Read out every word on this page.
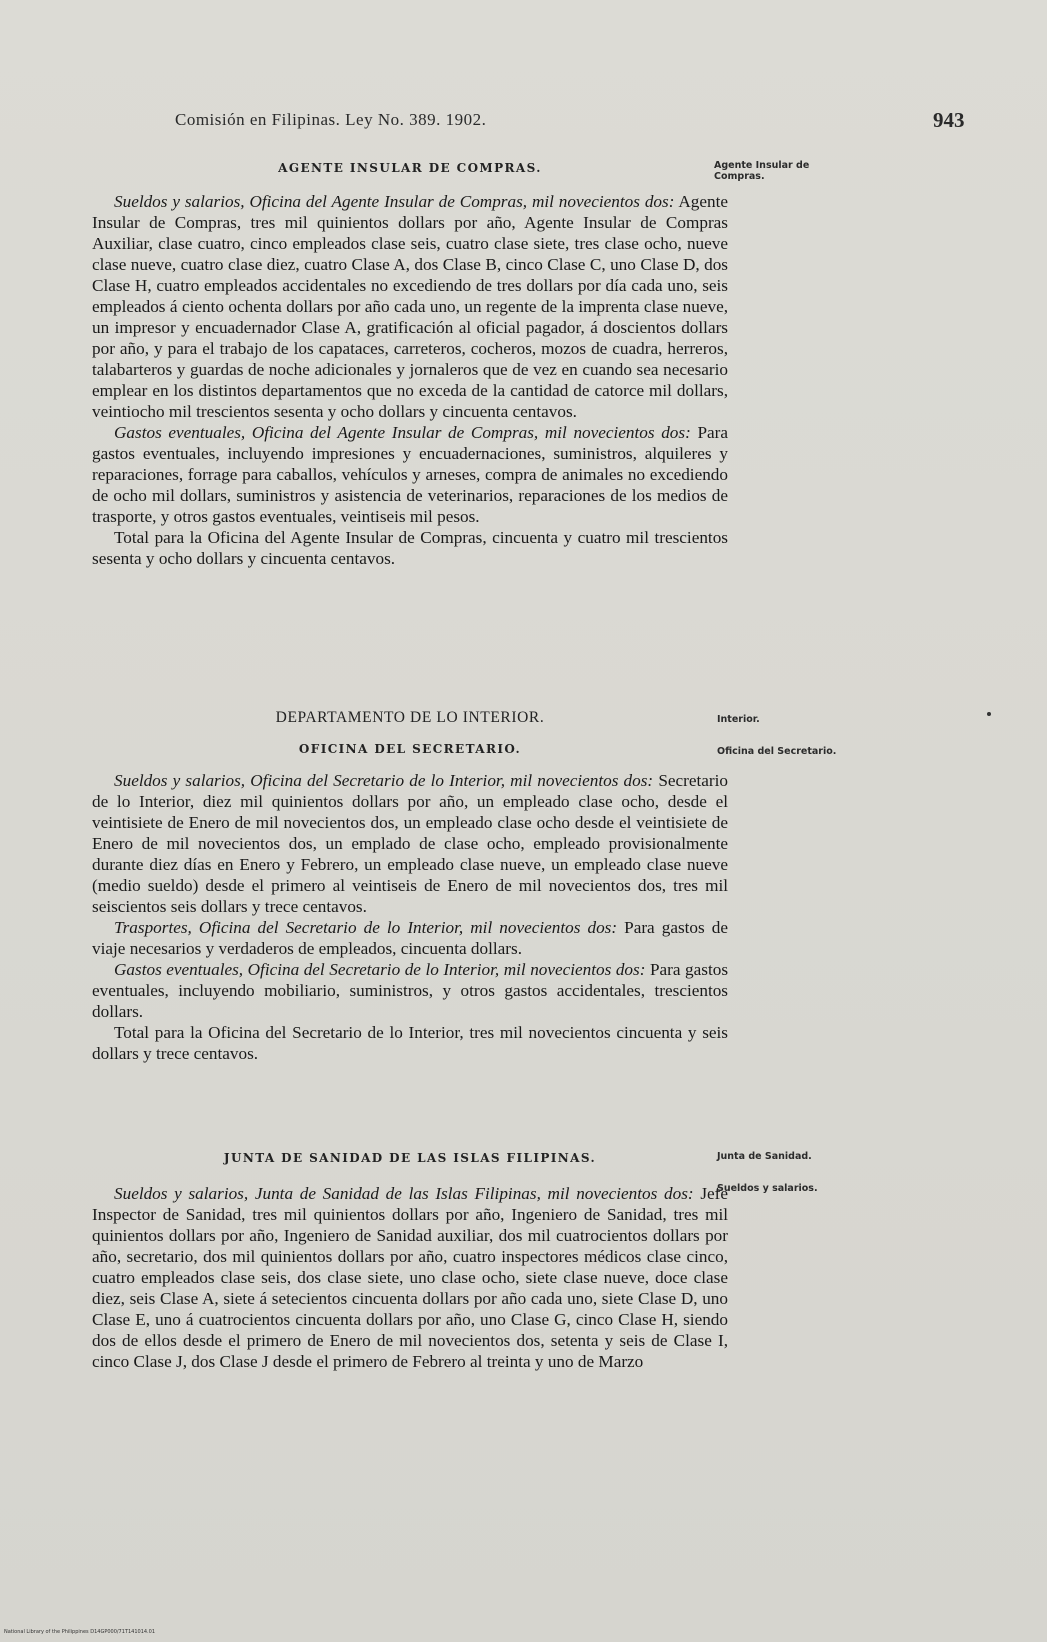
Comisión en Filipinas. Ley No. 389. 1902.	943
AGENTE INSULAR DE COMPRAS.

Sueldos y salarios, Oficina del Agente Insular de Compras, mil novecientos dos: Agente Insular de Compras, tres mil quinientos dollars por año, Agente Insular de Compras Auxiliar, clase cuatro, cinco empleados clase seis, cuatro clase siete, tres clase ocho, nueve clase nueve, cuatro clase diez, cuatro Clase A, dos Clase B, cinco Clase C, uno Clase D, dos Clase H, cuatro empleados accidentales no excediendo de tres dollars por día cada uno, seis empleados á ciento ochenta dollars por año cada uno, un regente de la imprenta clase nueve, un impresor y encuadernador Clase A, gratificación al oficial pagador, á doscientos dollars por año, y para el trabajo de los capataces, carreteros, cocheros, mozos de cuadra, herreros, talabarteros y guardas de noche adicionales y jornaleros que de vez en cuando sea necesario emplear en los distintos departamentos que no exceda de la cantidad de catorce mil dollars, veintiocho mil trescientos sesenta y ocho dollars y cincuenta centavos.

Gastos eventuales, Oficina del Agente Insular de Compras, mil novecientos dos: Para gastos eventuales, incluyendo impresiones y encuadernaciones, suministros, alquileres y reparaciones, forrage para caballos, vehículos y arneses, compra de animales no excediendo de ocho mil dollars, suministros y asistencia de veterinarios, reparaciones de los medios de trasporte, y otros gastos eventuales, veintiseis mil pesos.

Total para la Oficina del Agente Insular de Compras, cincuenta y cuatro mil trescientos sesenta y ocho dollars y cincuenta centavos.

Agente Insular de Compras.
DEPARTAMENTO DE LO INTERIOR.
OFICINA DEL SECRETARIO.

Sueldos y salarios, Oficina del Secretario de lo Interior, mil novecientos dos: Secretario de lo Interior, diez mil quinientos dollars por año, un empleado clase ocho, desde el veintisiete de Enero de mil novecientos dos, un empleado clase ocho desde el veintisiete de Enero de mil novecientos dos, un emplado de clase ocho, empleado provisionalmente durante diez días en Enero y Febrero, un empleado clase nueve, un empleado clase nueve (medio sueldo) desde el primero al veintiseis de Enero de mil novecientos dos, tres mil seiscientos seis dollars y trece centavos.

Trasportes, Oficina del Secretario de lo Interior, mil novecientos dos: Para gastos de viaje necesarios y verdaderos de empleados, cincuenta dollars.

Gastos eventuales, Oficina del Secretario de lo Interior, mil novecientos dos: Para gastos eventuales, incluyendo mobiliario, suministros, y otros gastos accidentales, trescientos dollars.

Total para la Oficina del Secretario de lo Interior, tres mil novecientos cincuenta y seis dollars y trece centavos.

Interior.
Oficina del Secretario.
JUNTA DE SANIDAD DE LAS ISLAS FILIPINAS.

Sueldos y salarios, Junta de Sanidad de las Islas Filipinas, mil novecientos dos: Jefe Inspector de Sanidad, tres mil quinientos dollars por año, Ingeniero de Sanidad, tres mil quinientos dollars por año, Ingeniero de Sanidad auxiliar, dos mil cuatrocientos dollars por año, secretario, dos mil quinientos dollars por año, cuatro inspectores médicos clase cinco, cuatro empleados clase seis, dos clase siete, uno clase ocho, siete clase nueve, doce clase diez, seis Clase A, siete á setecientos cincuenta dollars por año cada uno, siete Clase D, uno Clase E, uno á cuatrocientos cincuenta dollars por año, uno Clase G, cinco Clase H, siendo dos de ellos desde el primero de Enero de mil novecientos dos, setenta y seis de Clase I, cinco Clase J, dos Clase J desde el primero de Febrero al treinta y uno de Marzo

Junta de Sanidad.
Sueldos y salarios.
National Library of the Philippines D14GP000/71T141014.01
